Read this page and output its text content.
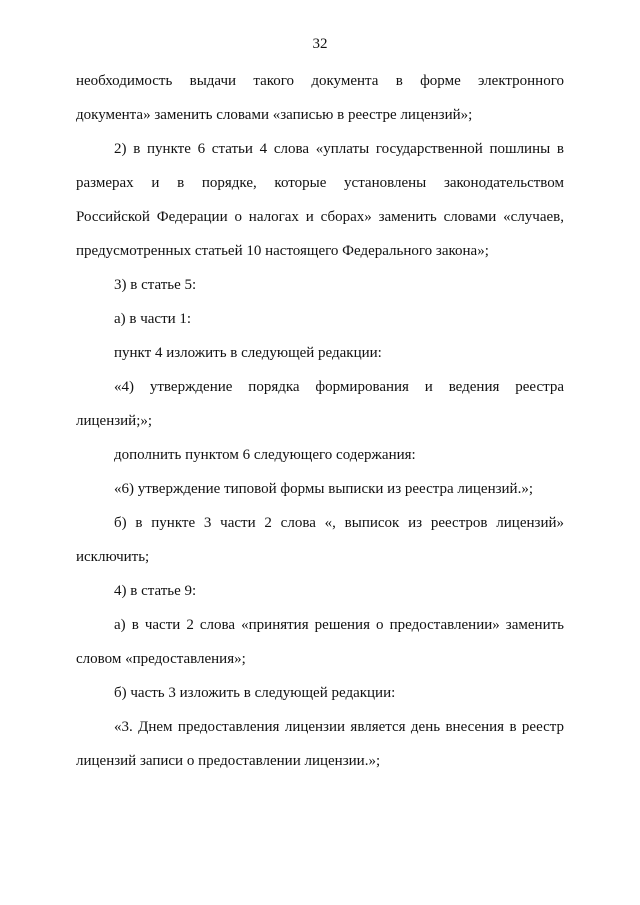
32
необходимость выдачи такого документа в форме электронного
документа» заменить словами «записью в реестре лицензий»;
2) в пункте 6 статьи 4 слова «уплаты государственной пошлины в
размерах и в порядке, которые установлены законодательством
Российской Федерации о налогах и сборах» заменить словами «случаев,
предусмотренных статьей 10 настоящего Федерального закона»;
3) в статье 5:
а) в части 1:
пункт 4 изложить в следующей редакции:
«4) утверждение порядка формирования и ведения реестра
лицензий;»;
дополнить пунктом 6 следующего содержания:
«6) утверждение типовой формы выписки из реестра лицензий.»;
б) в пункте 3 части 2 слова «, выписок из реестров лицензий»
исключить;
4) в статье 9:
а) в части 2 слова «принятия решения о предоставлении» заменить
словом «предоставления»;
б) часть 3 изложить в следующей редакции:
«3. Днем предоставления лицензии является день внесения в реестр
лицензий записи о предоставлении лицензии.»;
